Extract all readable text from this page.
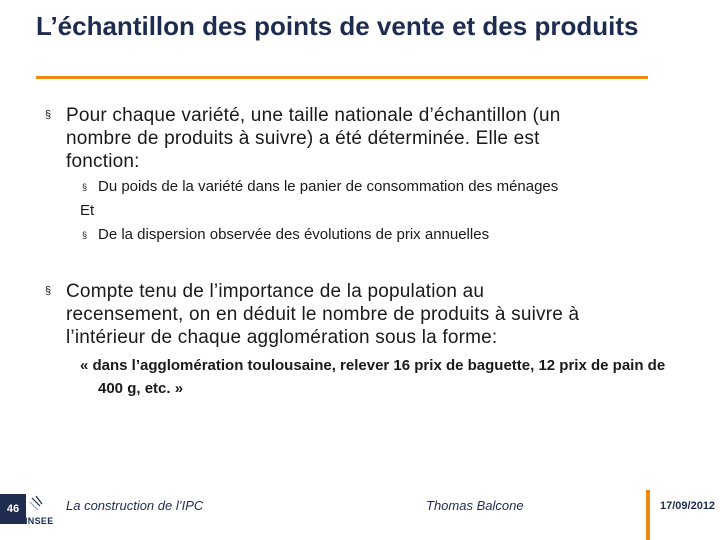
L’échantillon des points de vente et des produits
§ Pour chaque variété, une taille nationale d’échantillon (un
nombre de produits à suivre) a été déterminée. Elle est
fonction:
§ Du poids de la variété dans le panier de consommation des ménages
Et
§ De la dispersion observée des évolutions de prix annuelles
§ Compte tenu de l’importance de la population au
recensement, on en déduit le nombre de produits à suivre à
l’intérieur de chaque agglomération sous la forme:
« dans l’agglomération toulousaine, relever 16 prix de baguette, 12 prix de pain de 400 g, etc. »
46
INSEE
La construction de l’IPC	Thomas Balcone	17/09/2012
